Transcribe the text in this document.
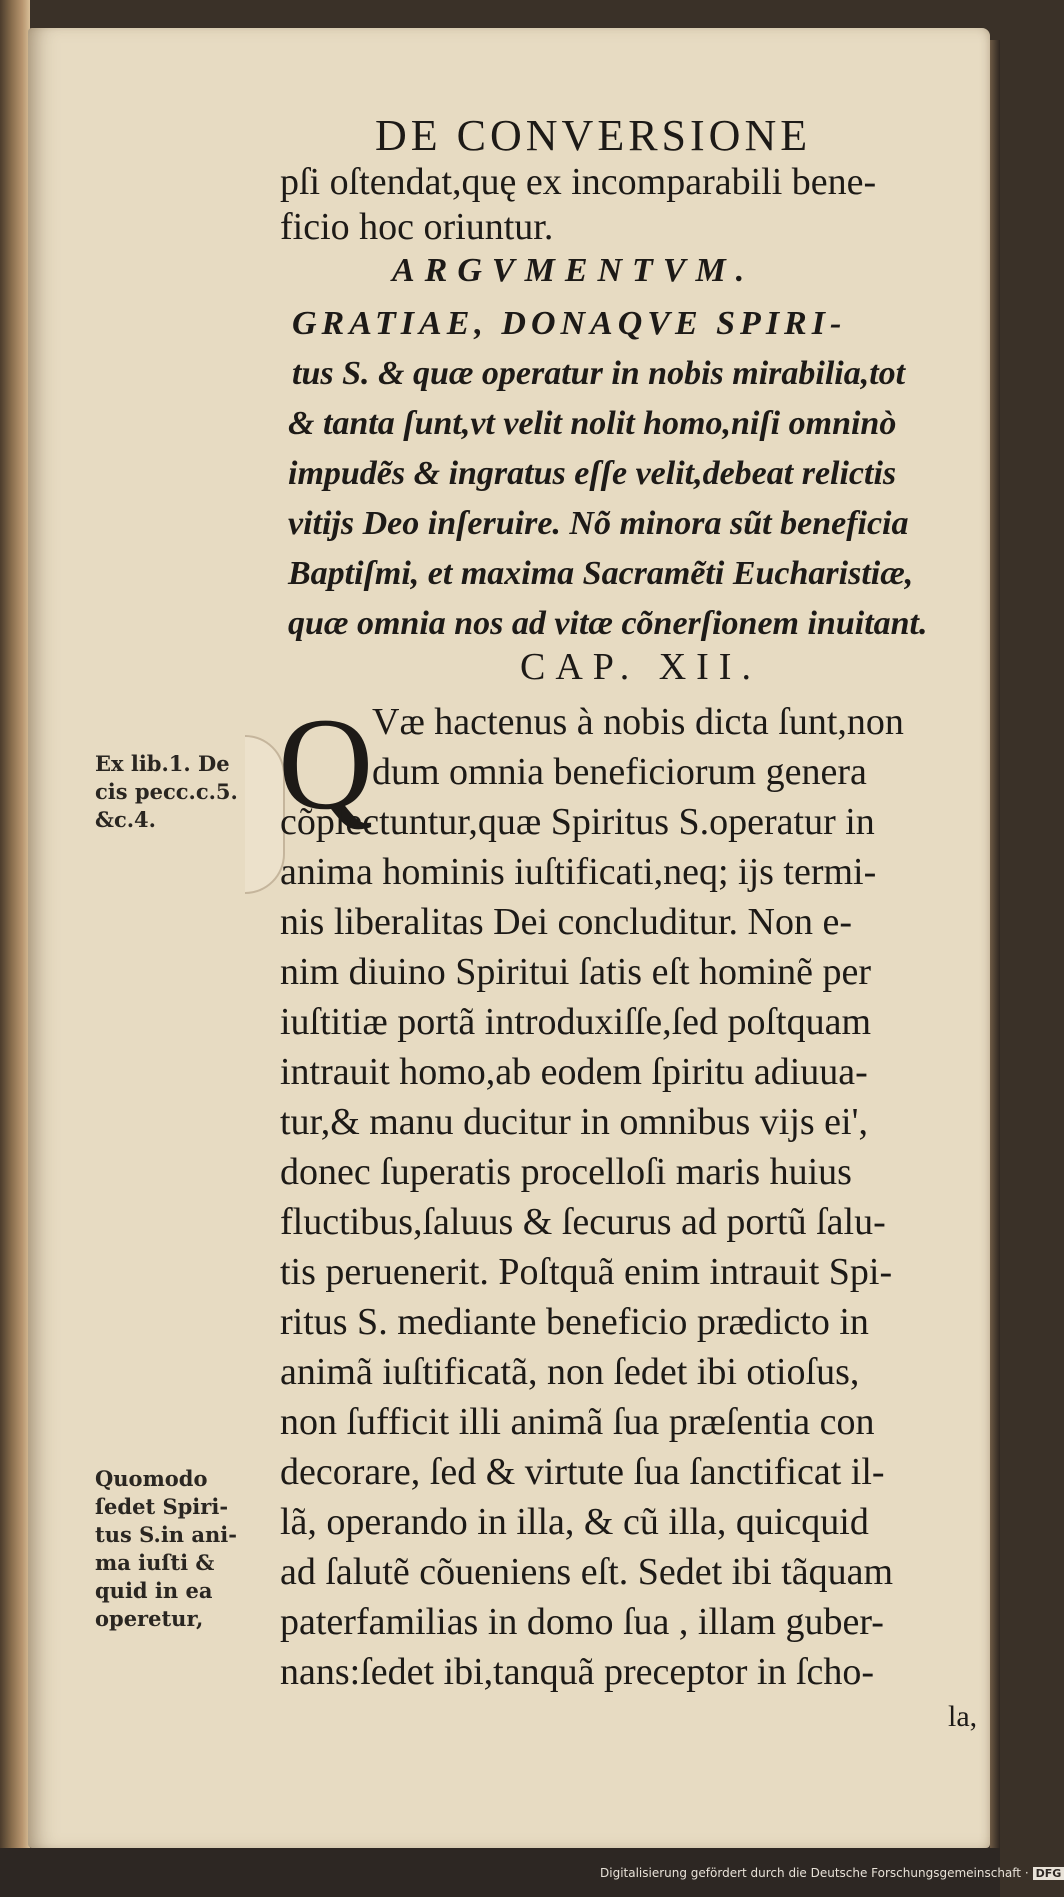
DE CONVERSIONE
pſi oſtendat,quę ex incomparabili bene-
ficio hoc oriuntur.
ARGVMENTVM.
GRATIAE, DONAQVE SPIRI-
tus S. & quæ operatur in nobis mirabilia,tot
& tanta ſunt,vt velit nolit homo,niſi omninò
impudẽs & ingratus eſſe velit,debeat relictis
vitijs Deo inſeruire. Nõ minora sũt beneficia
Baptiſmi, et maxima Sacramẽti Eucharistiæ,
quæ omnia nos ad vitæ cõnerſionem inuitant.
CAP. XII.
Q
Væ hactenus à nobis dicta ſunt,non
dum omnia beneficiorum genera
cõplectuntur,quæ Spiritus S.operatur in
anima hominis iuſtificati,neq; ijs termi-
nis liberalitas Dei concluditur. Non e-
nim diuino Spiritui ſatis eſt hominẽ per
iuſtitiæ portã introduxiſſe,ſed poſtquam
intrauit homo,ab eodem ſpiritu adiuua-
tur,& manu ducitur in omnibus vijs ei',
donec ſuperatis procelloſi maris huius
fluctibus,ſaluus & ſecurus ad portũ ſalu-
tis peruenerit. Poſtquã enim intrauit Spi-
ritus S. mediante beneficio prædicto in
animã iuſtificatã, non ſedet ibi otioſus,
non ſufficit illi animã ſua præſentia con
decorare, ſed & virtute ſua ſanctificat il-
lã, operando in illa, & cũ illa, quicquid
ad ſalutẽ cõueniens eſt. Sedet ibi tãquam
paterfamilias in domo ſua , illam guber-
nans:ſedet ibi,tanquã preceptor in ſcho-
la,
Ex lib.1. De
cis pecc.c.5.
&c.4.
Quomodo
ſedet Spiri-
tus S.in ani-
ma iuſti &
quid in ea
operetur,
Digitalisierung gefördert durch die Deutsche Forschungsgemeinschaft · DFG
